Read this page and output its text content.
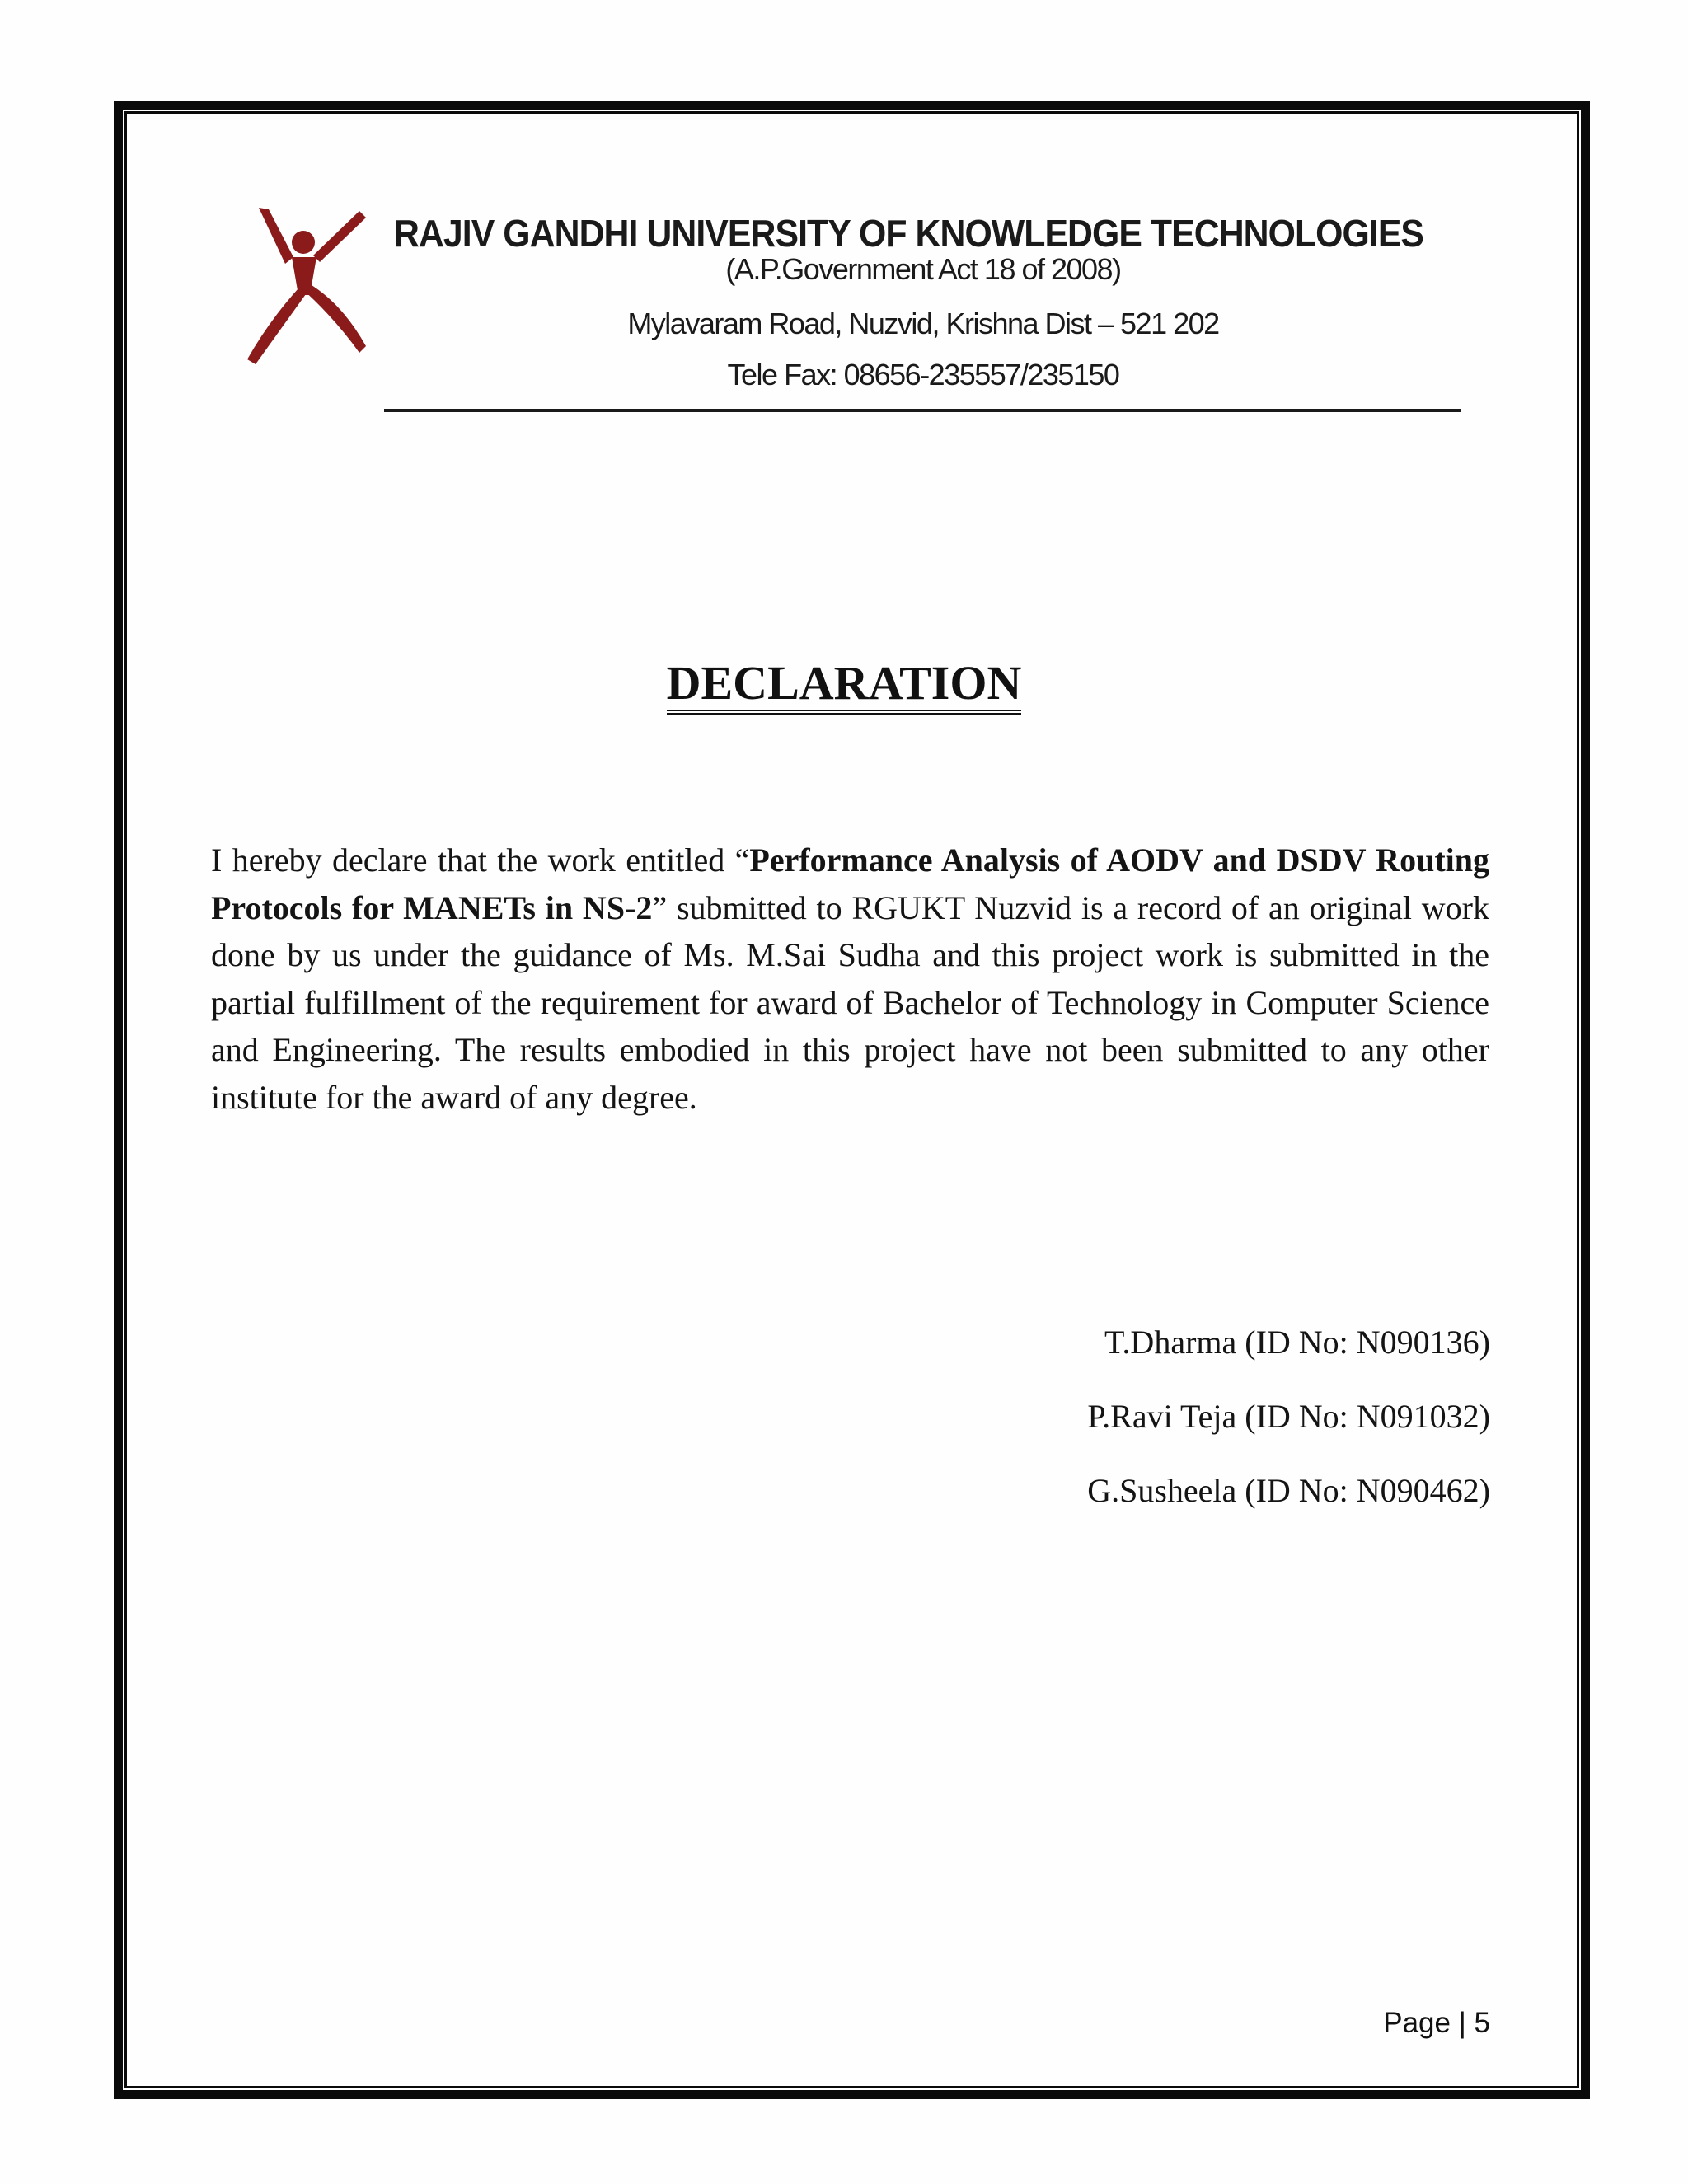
RAJIV GANDHI UNIVERSITY OF KNOWLEDGE TECHNOLOGIES
(A.P.Government Act 18 of 2008)
Mylavaram Road, Nuzvid, Krishna Dist – 521 202
Tele Fax: 08656-235557/235150
DECLARATION
I hereby declare that the work entitled “Performance Analysis of AODV and DSDV Routing Protocols for MANETs in NS-2” submitted to RGUKT Nuzvid is a record of an original work done by us under the guidance of Ms. M.Sai Sudha and this project work is submitted in the partial fulfillment of the requirement for award of Bachelor of Technology in Computer Science and Engineering. The results embodied in this project have not been submitted to any other institute for the award of any degree.
T.Dharma (ID No: N090136)
P.Ravi Teja (ID No: N091032)
G.Susheela (ID No: N090462)
Page | 5
